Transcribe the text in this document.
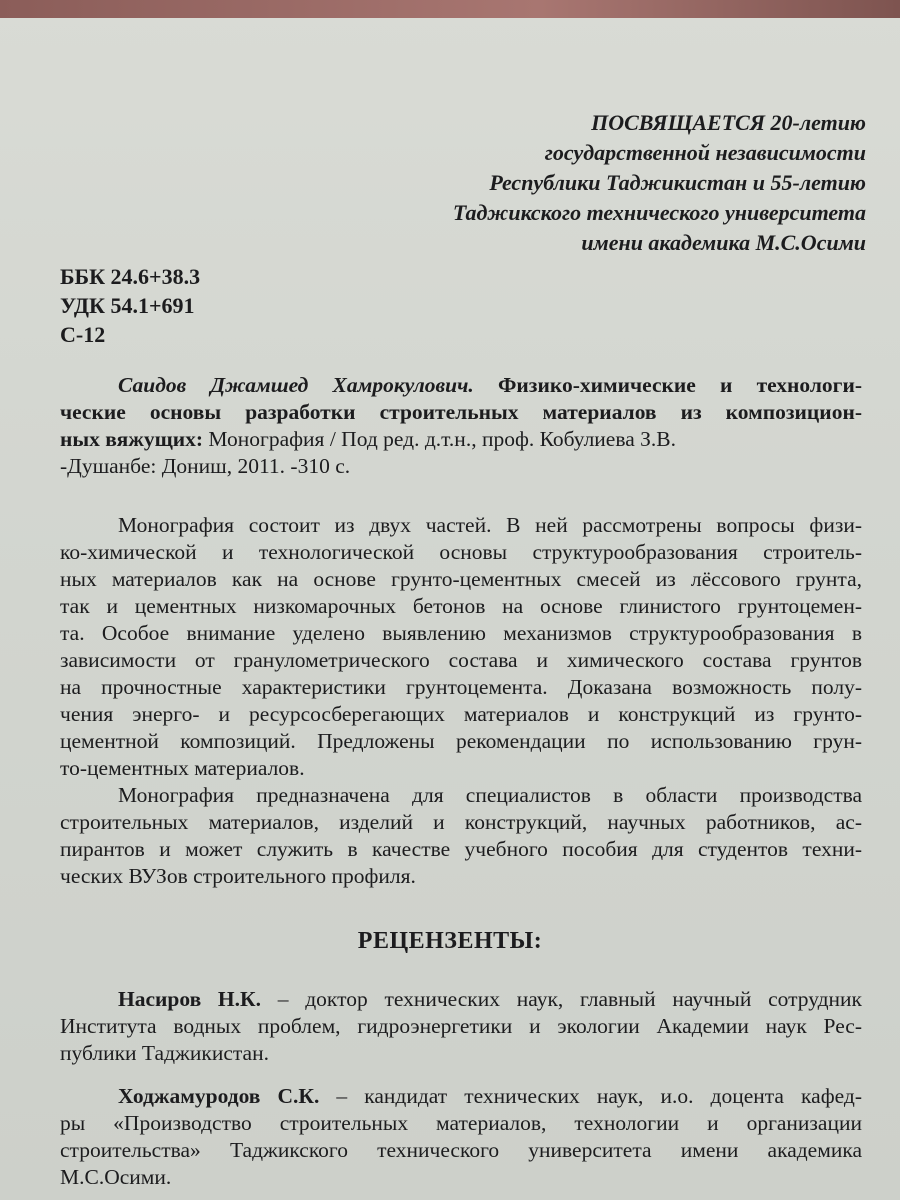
ПОСВЯЩАЕТСЯ 20-летию
государственной независимости
Республики Таджикистан и 55-летию
Таджикского технического университета
имени академика М.С.Осими
ББК 24.6+38.3
УДК 54.1+691
С-12
Саидов Джамшед Хамрокулович. Физико-химические и технологи-
ческие основы разработки строительных материалов из композицион-
ных вяжущих: Монография / Под ред. д.т.н., проф. Кобулиева З.В.
-Душанбе: Дониш, 2011. -310 с.
Монография состоит из двух частей. В ней рассмотрены вопросы физи-
ко-химической и технологической основы структурообразования строитель-
ных материалов как на основе грунто-цементных смесей из лёссового грунта,
так и цементных низкомарочных бетонов на основе глинистого грунтоцемен-
та. Особое внимание уделено выявлению механизмов структурообразования в
зависимости от гранулометрического состава и химического состава грунтов
на прочностные характеристики грунтоцемента. Доказана возможность полу-
чения энерго- и ресурсосберегающих материалов и конструкций из грунто-
цементной композиций. Предложены рекомендации по использованию грун-
то-цементных материалов.
Монография предназначена для специалистов в области производства
строительных материалов, изделий и конструкций, научных работников, ас-
пирантов и может служить в качестве учебного пособия для студентов техни-
ческих ВУЗов строительного профиля.
РЕЦЕНЗЕНТЫ:
Насиров Н.К. – доктор технических наук, главный научный сотрудник
Института водных проблем, гидроэнергетики и экологии Академии наук Рес-
публики Таджикистан.
Ходжамуродов С.К. – кандидат технических наук, и.о. доцента кафед-
ры «Производство строительных материалов, технологии и организации
строительства» Таджикского технического университета имени академика
М.С.Осими.
